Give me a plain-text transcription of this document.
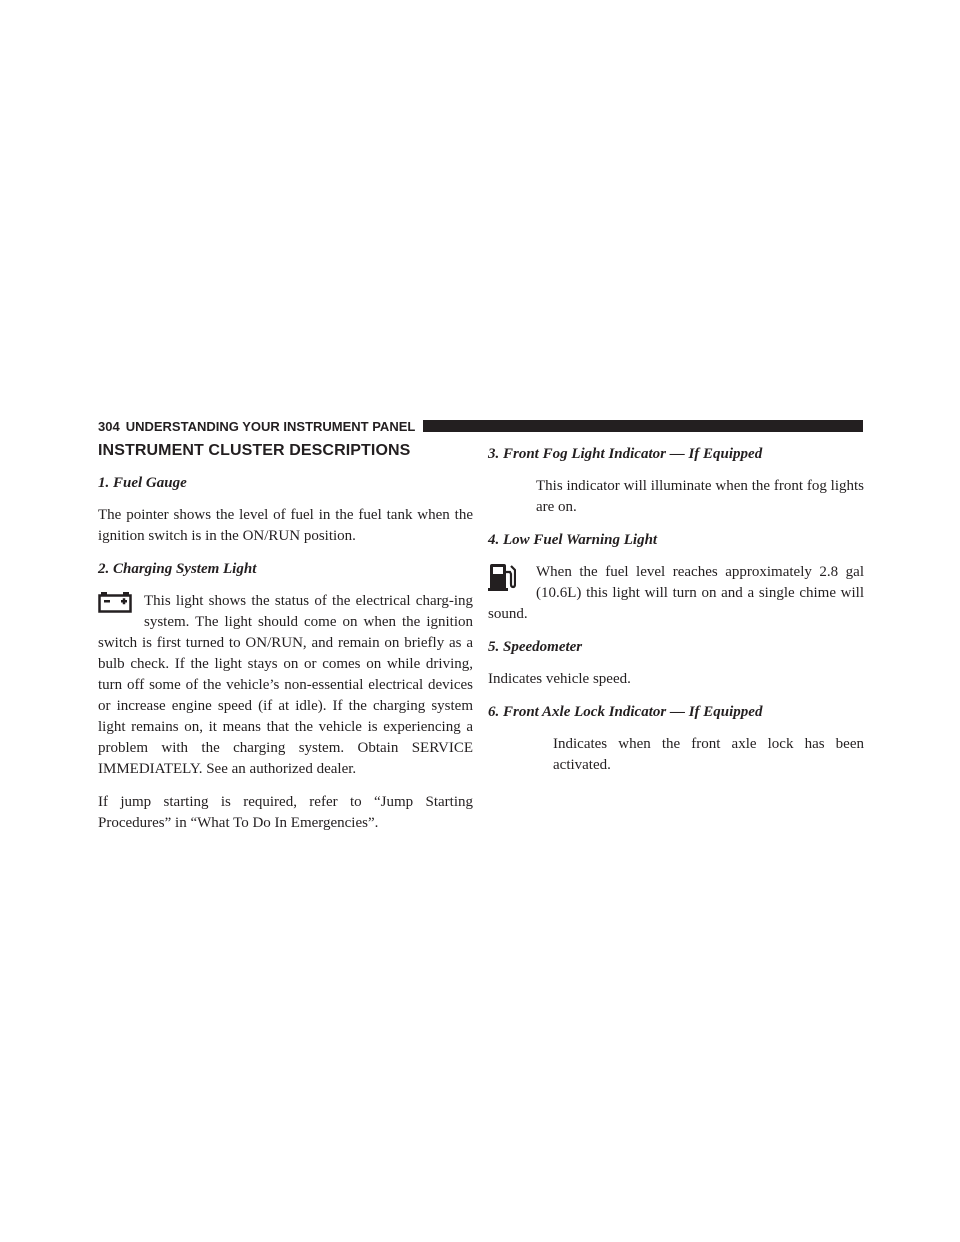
304 UNDERSTANDING YOUR INSTRUMENT PANEL
INSTRUMENT CLUSTER DESCRIPTIONS
1. Fuel Gauge

The pointer shows the level of fuel in the fuel tank when the ignition switch is in the ON/RUN position.

2. Charging System Light

This light shows the status of the electrical charg-ing system. The light should come on when the ignition switch is first turned to ON/RUN, and remain on briefly as a bulb check. If the light stays on or comes on while driving, turn off some of the vehicle’s non-essential electrical devices or increase engine speed (if at idle). If the charging system light remains on, it means that the vehicle is experiencing a problem with the charging system. Obtain SERVICE IMMEDIATELY. See an authorized dealer.

If jump starting is required, refer to “Jump Starting Procedures” in “What To Do In Emergencies”.

3. Front Fog Light Indicator — If Equipped

This indicator will illuminate when the front fog lights are on.

4. Low Fuel Warning Light

When the fuel level reaches approximately 2.8 gal (10.6L) this light will turn on and a single chime will sound.

5. Speedometer

Indicates vehicle speed.

6. Front Axle Lock Indicator — If Equipped

Indicates when the front axle lock has been activated.
